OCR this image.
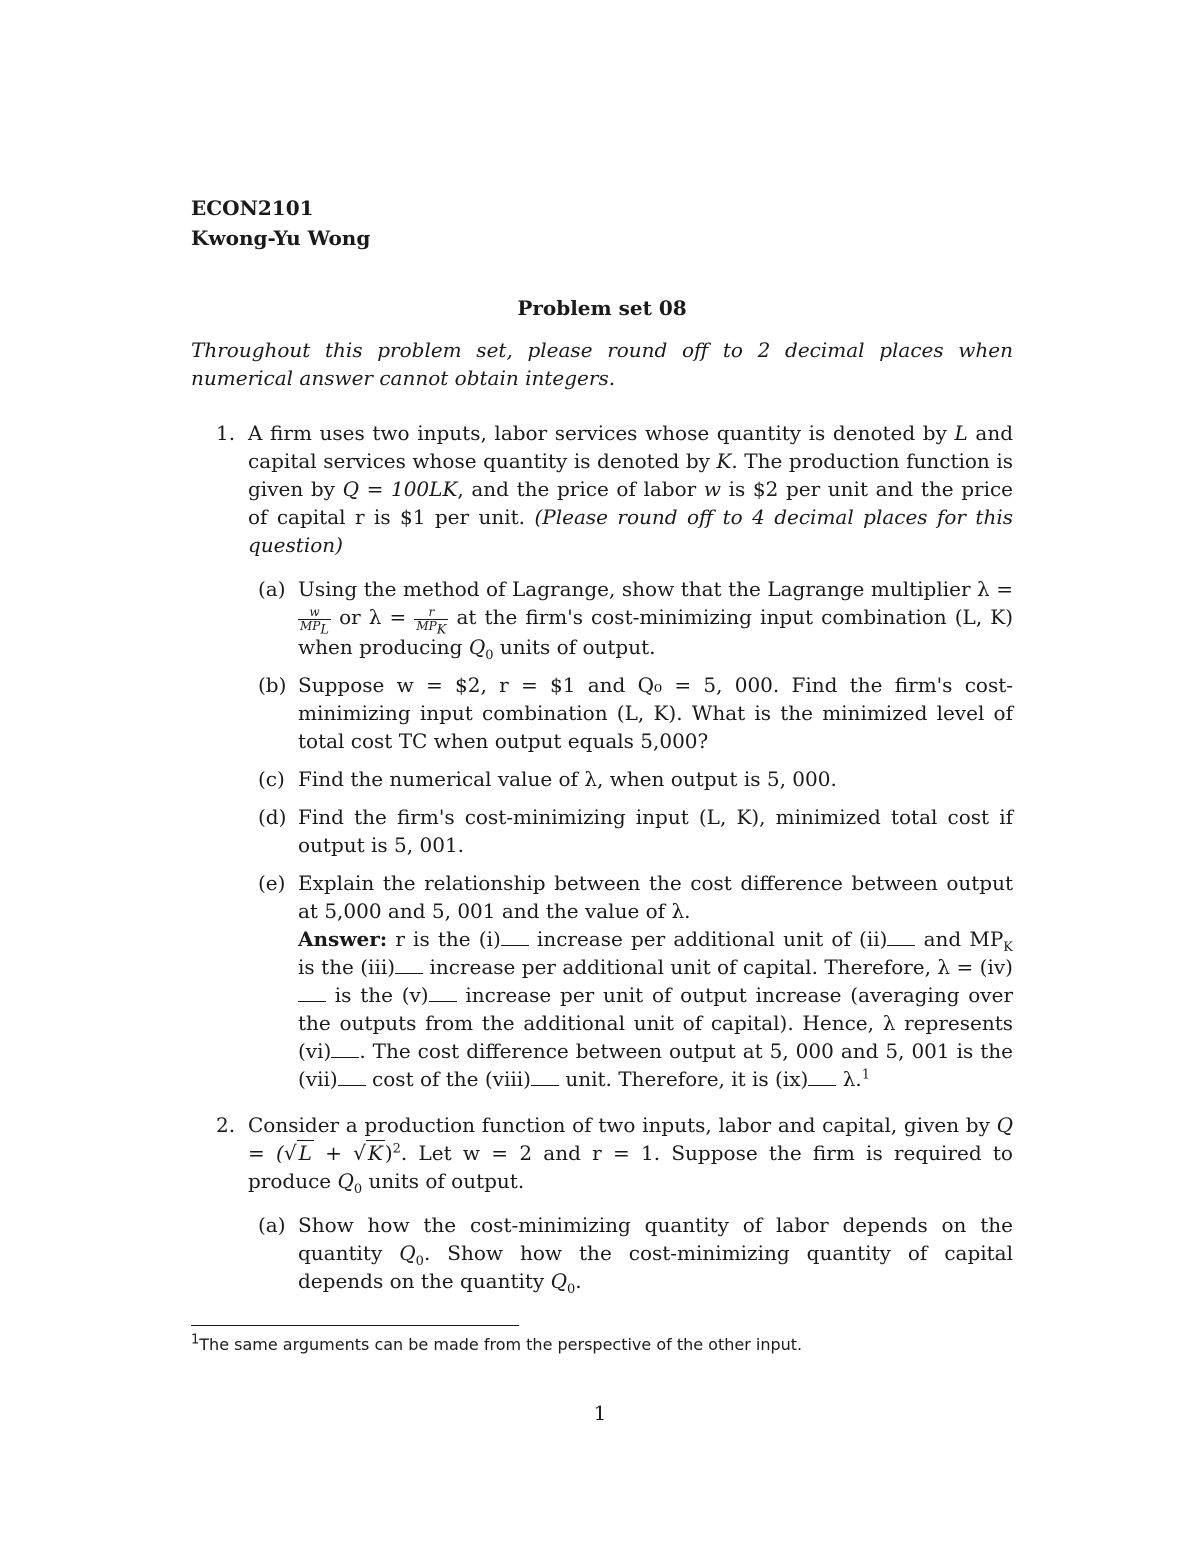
ECON2101
Kwong-Yu Wong
Problem set 08
Throughout this problem set, please round off to 2 decimal places when numerical answer cannot obtain integers.
1. A firm uses two inputs, labor services whose quantity is denoted by L and capital services whose quantity is denoted by K. The production function is given by Q = 100LK, and the price of labor w is $2 per unit and the price of capital r is $1 per unit. (Please round off to 4 decimal places for this question)
(a) Using the method of Lagrange, show that the Lagrange multiplier λ =
$\frac{w}{MP_L}$ or $\lambda = \frac{r}{MP_K}$ at the firm's cost-minimizing input combination (L, K) when producing $Q_0$ units of output.
(b) Suppose w = $2, r = $1 and Q₀ = 5, 000. Find the firm's cost-minimizing input combination (L, K). What is the minimized level of total cost TC when output equals 5,000?
(c) Find the numerical value of λ, when output is 5, 000.
(d) Find the firm's cost-minimizing input (L, K), minimized total cost if output is 5, 001.
(e) Explain the relationship between the cost difference between output at 5,000 and 5, 001 and the value of λ.
Answer: r is the (i) increase per additional unit of (ii) and $MP_K$ is the (iii) increase per additional unit of capital. Therefore, λ = (iv) is the (v) increase per unit of output increase (averaging over the outputs from the additional unit of capital). Hence, λ represents (vi) . The cost difference between output at 5, 000 and 5, 001 is the (vii) cost of the (viii) unit. Therefore, it is (ix) λ.$^1$
2. Consider a production function of two inputs, labor and capital, given by Q = (√ L + √ K )$^2$. Let w = 2 and r = 1. Suppose the firm is required to produce $Q_0$ units of output.
(a) Show how the cost-minimizing quantity of labor depends on the quantity $Q_0$. Show how the cost-minimizing quantity of capital depends on the quantity $Q_0$.
$^1$The same arguments can be made from the perspective of the other input.
1
